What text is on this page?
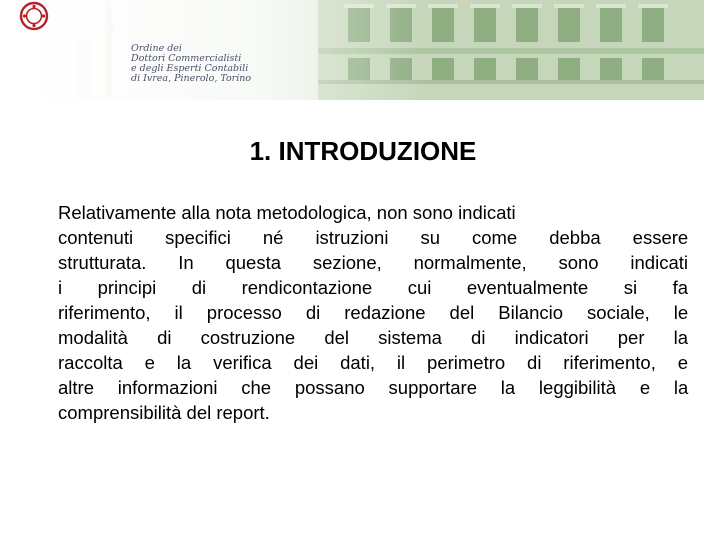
Ordine dei
Dottori Commercialisti
e degli Esperti Contabili
di Ivrea, Pinerolo, Torino
1. INTRODUZIONE
Relativamente alla nota metodologica, non sono indicati
contenuti specifici né istruzioni su come debba essere
strutturata. In questa sezione, normalmente, sono indicati
i principi di rendicontazione cui eventualmente si fa
riferimento, il processo di redazione del Bilancio sociale, le
modalità di costruzione del sistema di indicatori per la
raccolta e la verifica dei dati, il perimetro di riferimento, e
altre informazioni che possano supportare la leggibilità e la
comprensibilità del report.
